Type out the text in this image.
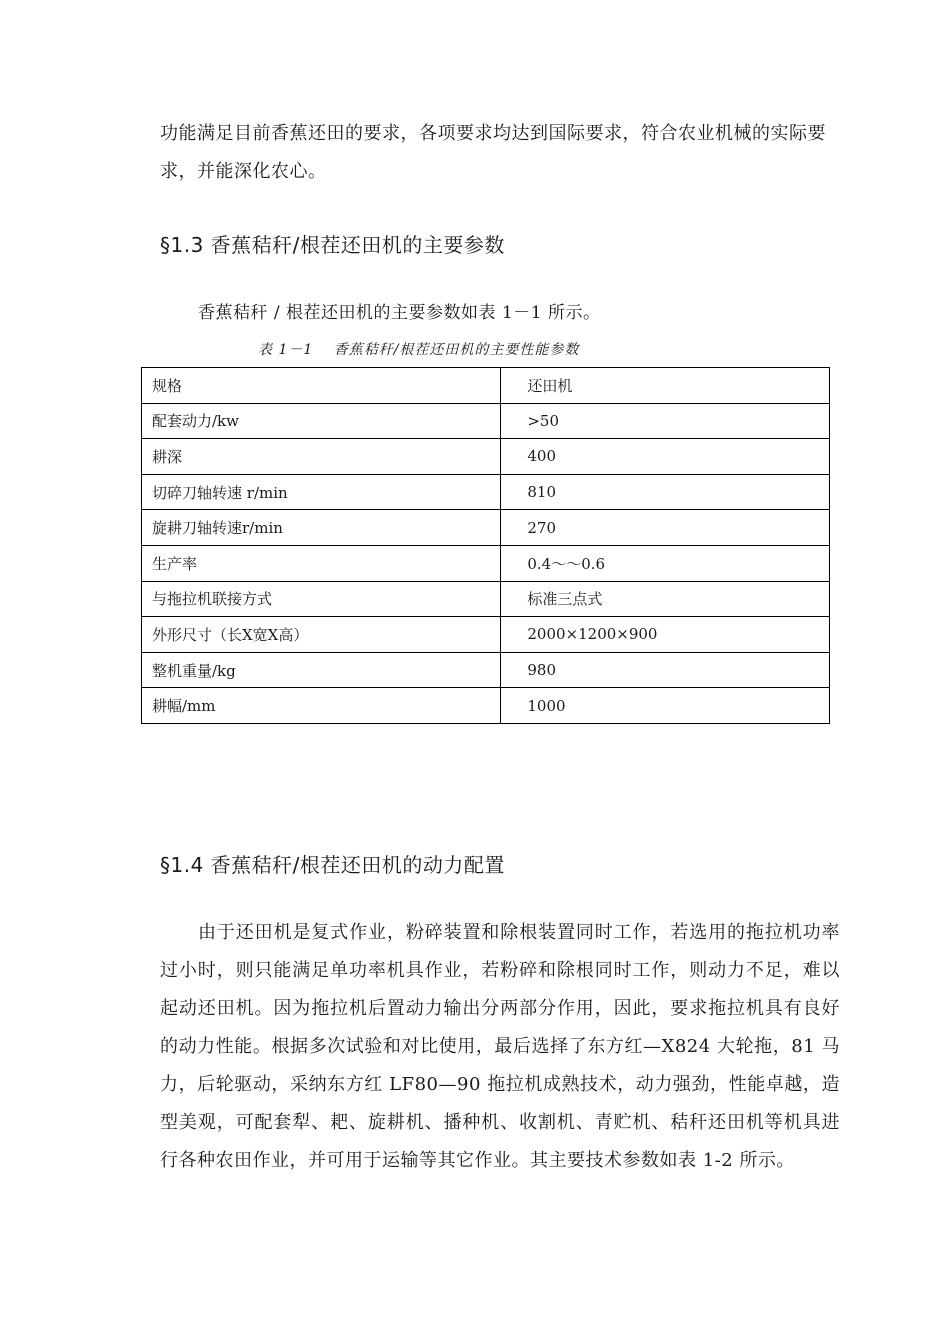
功能满足目前香蕉还田的要求，各项要求均达到国际要求，符合农业机械的实际要求，并能深化农心。

§1.3 香蕉秸秆/根茬还田机的主要参数

香蕉秸秆 / 根茬还田机的主要参数如表 1－1 所示。

表 1－1　 香蕉秸秆/根茬还田机的主要性能参数

规格	还田机
配套动力/kw	>50
耕深	400
切碎刀轴转速 r/min	810
旋耕刀轴转速r/min	270
生产率	0.4～～0.6
与拖拉机联接方式	标准三点式
外形尺寸（长X宽X高）	2000×1200×900
整机重量/kg	980
耕幅/mm	1000
§1.4 香蕉秸秆/根茬还田机的动力配置

由于还田机是复式作业，粉碎装置和除根装置同时工作，若选用的拖拉机功率过小时，则只能满足单功率机具作业，若粉碎和除根同时工作，则动力不足，难以起动还田机。因为拖拉机后置动力输出分两部分作用，因此，要求拖拉机具有良好的动力性能。根据多次试验和对比使用，最后选择了东方红—X824 大轮拖，81 马力，后轮驱动，采纳东方红 LF80—90 拖拉机成熟技术，动力强劲，性能卓越，造型美观，可配套犁、耙、旋耕机、播种机、收割机、青贮机、秸秆还田机等机具进行各种农田作业，并可用于运输等其它作业。其主要技术参数如表 1-2 所示。
